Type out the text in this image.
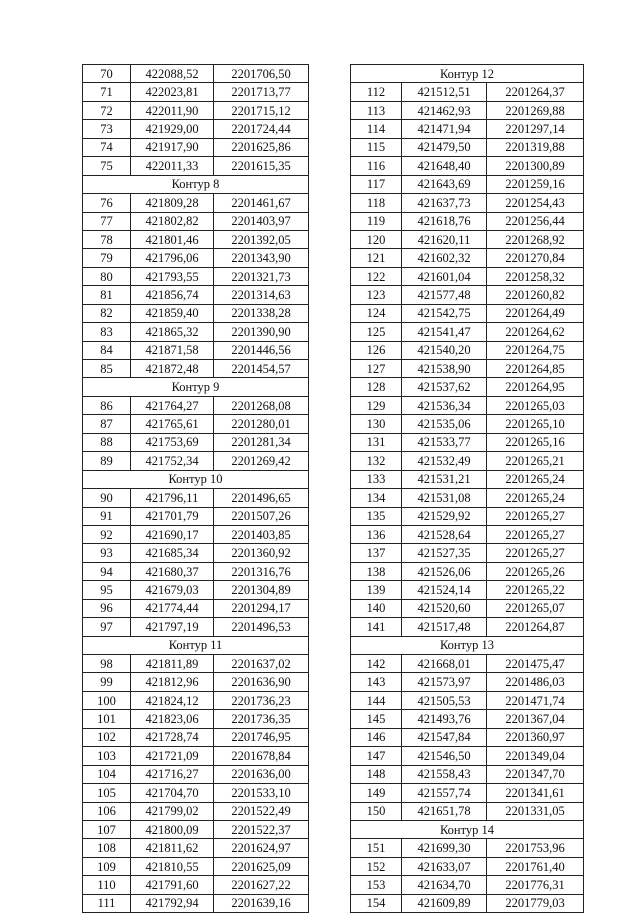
70	422088,52	2201706,50
71	422023,81	2201713,77
72	422011,90	2201715,12
73	421929,00	2201724,44
74	421917,90	2201625,86
75	422011,33	2201615,35
Контур 8		
76	421809,28	2201461,67
77	421802,82	2201403,97
78	421801,46	2201392,05
79	421796,06	2201343,90
80	421793,55	2201321,73
81	421856,74	2201314,63
82	421859,40	2201338,28
83	421865,32	2201390,90
84	421871,58	2201446,56
85	421872,48	2201454,57
Контур 9		
86	421764,27	2201268,08
87	421765,61	2201280,01
88	421753,69	2201281,34
89	421752,34	2201269,42
Контур 10		
90	421796,11	2201496,65
91	421701,79	2201507,26
92	421690,17	2201403,85
93	421685,34	2201360,92
94	421680,37	2201316,76
95	421679,03	2201304,89
96	421774,44	2201294,17
97	421797,19	2201496,53
Контур 11		
98	421811,89	2201637,02
99	421812,96	2201636,90
100	421824,12	2201736,23
101	421823,06	2201736,35
102	421728,74	2201746,95
103	421721,09	2201678,84
104	421716,27	2201636,00
105	421704,70	2201533,10
106	421799,02	2201522,49
107	421800,09	2201522,37
108	421811,62	2201624,97
109	421810,55	2201625,09
110	421791,60	2201627,22
111	421792,94	2201639,16
Контур 12		
112	421512,51	2201264,37
113	421462,93	2201269,88
114	421471,94	2201297,14
115	421479,50	2201319,88
116	421648,40	2201300,89
117	421643,69	2201259,16
118	421637,73	2201254,43
119	421618,76	2201256,44
120	421620,11	2201268,92
121	421602,32	2201270,84
122	421601,04	2201258,32
123	421577,48	2201260,82
124	421542,75	2201264,49
125	421541,47	2201264,62
126	421540,20	2201264,75
127	421538,90	2201264,85
128	421537,62	2201264,95
129	421536,34	2201265,03
130	421535,06	2201265,10
131	421533,77	2201265,16
132	421532,49	2201265,21
133	421531,21	2201265,24
134	421531,08	2201265,24
135	421529,92	2201265,27
136	421528,64	2201265,27
137	421527,35	2201265,27
138	421526,06	2201265,26
139	421524,14	2201265,22
140	421520,60	2201265,07
141	421517,48	2201264,87
Контур 13		
142	421668,01	2201475,47
143	421573,97	2201486,03
144	421505,53	2201471,74
145	421493,76	2201367,04
146	421547,84	2201360,97
147	421546,50	2201349,04
148	421558,43	2201347,70
149	421557,74	2201341,61
150	421651,78	2201331,05
Контур 14		
151	421699,30	2201753,96
152	421633,07	2201761,40
153	421634,70	2201776,31
154	421609,89	2201779,03
